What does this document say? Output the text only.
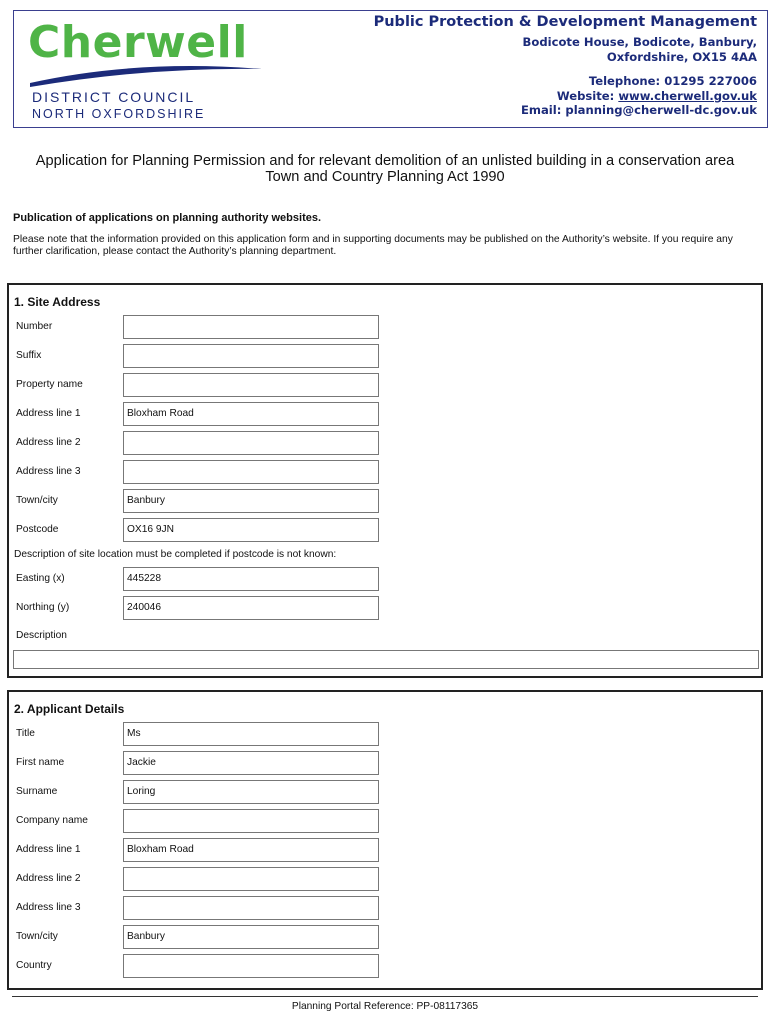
Cherwell
DISTRICT COUNCIL
NORTH OXFORDSHIRE
Public Protection & Development Management
Bodicote House, Bodicote, Banbury,
Oxfordshire, OX15 4AA
Telephone: 01295 227006
Website: www.cherwell.gov.uk
Email: planning@cherwell-dc.gov.uk
Application for Planning Permission and for relevant demolition of an unlisted building in a conservation area
Town and Country Planning Act 1990
Publication of applications on planning authority websites.
Please note that the information provided on this application form and in supporting documents may be published on the Authority’s website. If you require any further clarification, please contact the Authority’s planning department.
1. Site Address
Number
Suffix
Property name
Address line 1	Bloxham Road
Address line 2
Address line 3
Town/city	Banbury
Postcode	OX16 9JN
Description of site location must be completed if postcode is not known:
Easting (x)	445228
Northing (y)	240046
Description
2. Applicant Details
Title	Ms
First name	Jackie
Surname	Loring
Company name
Address line 1	Bloxham Road
Address line 2
Address line 3
Town/city	Banbury
Country
Planning Portal Reference: PP-08117365
